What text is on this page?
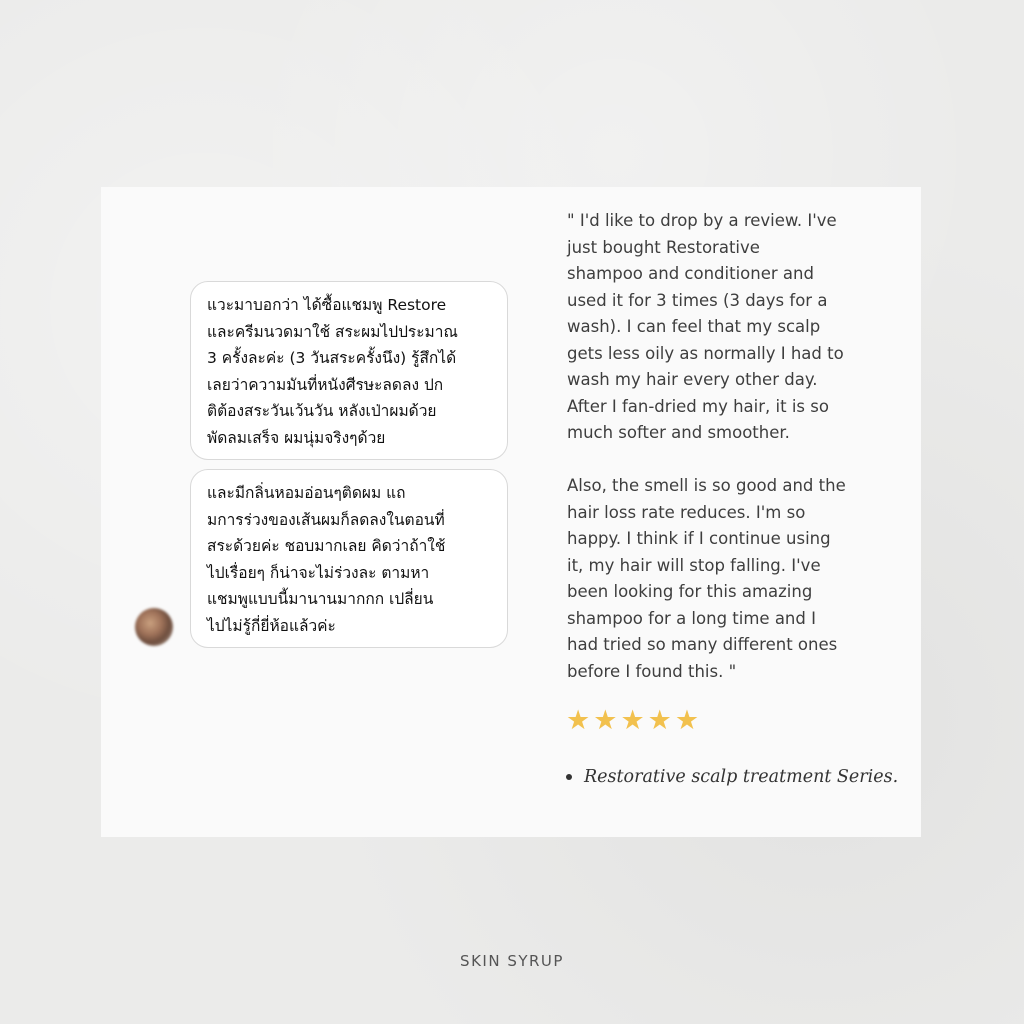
แวะมาบอกว่า ได้ซื้อแชมพู Restore
และครีมนวดมาใช้ สระผมไปประมาณ
3 ครั้งละค่ะ (3 วันสระครั้งนึง) รู้สึกได้
เลยว่าความมันที่หนังศีรษะลดลง ปก
ติต้องสระวันเว้นวัน หลังเป่าผมด้วย
พัดลมเสร็จ ผมนุ่มจริงๆด้วย
และมีกลิ่นหอมอ่อนๆติดผม แถ
มการร่วงของเส้นผมก็ลดลงในตอนที่
สระด้วยค่ะ ชอบมากเลย คิดว่าถ้าใช้
ไปเรื่อยๆ ก็น่าจะไม่ร่วงละ ตามหา
แชมพูแบบนี้มานานมากกก เปลี่ยน
ไปไม่รู้กี่ยี่ห้อแล้วค่ะ

" I'd like to drop by a review. I've
just bought Restorative
shampoo and conditioner and
used it for 3 times (3 days for a
wash). I can feel that my scalp
gets less oily as normally I had to
wash my hair every other day.
After I fan-dried my hair, it is so
much softer and smoother.

Also, the smell is so good and the
hair loss rate reduces. I'm so
happy. I think if I continue using
it, my hair will stop falling. I've
been looking for this amazing
shampoo for a long time and I
had tried so many different ones
before I found this. "

★ ★ ★ ★ ★
Restorative scalp treatment Series.
SKIN SYRUP
